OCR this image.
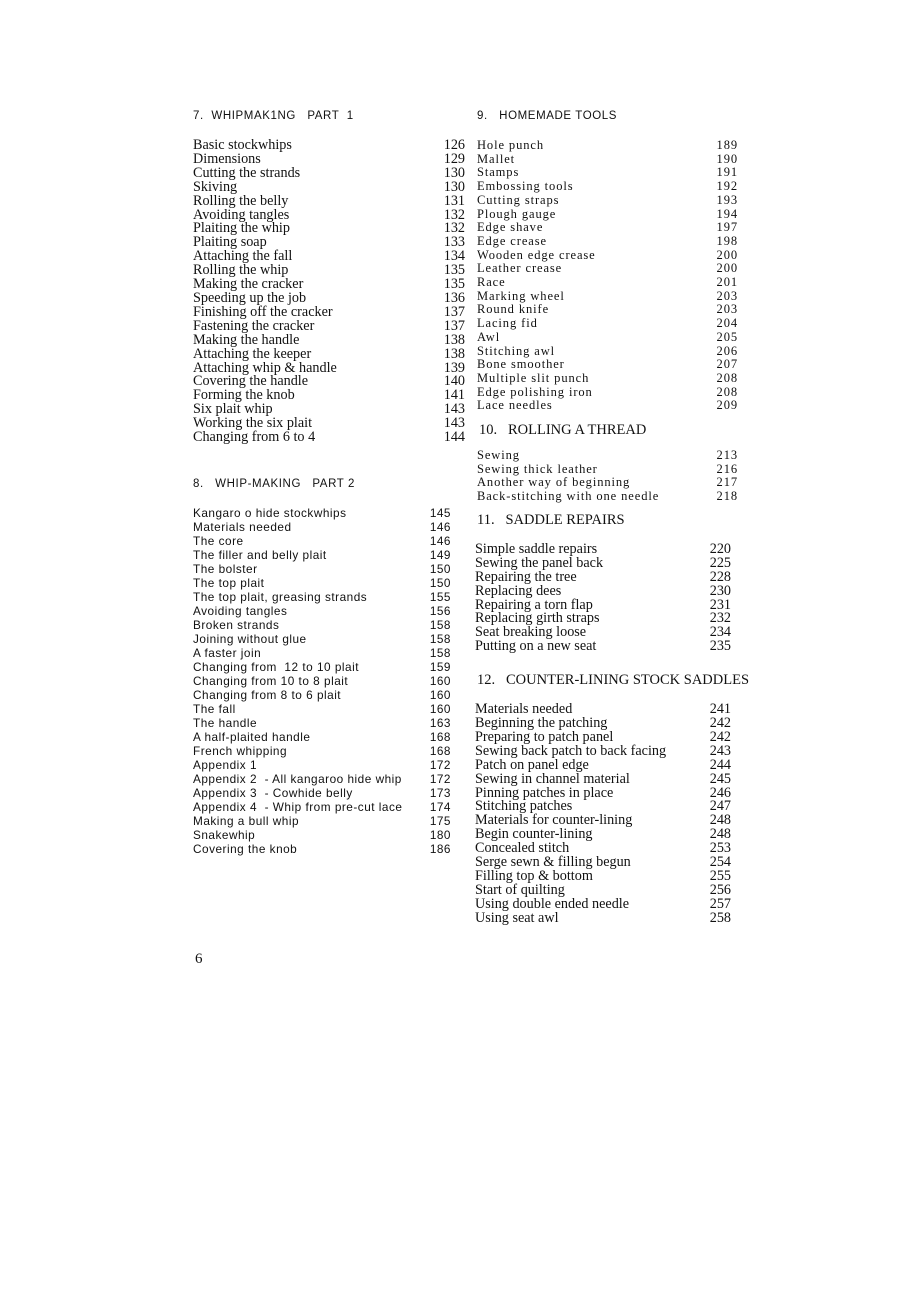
7.  WHIPMAK1NG   PART  1
Basic stockwhips	126
Dimensions	129
Cutting the strands	130
Skiving	130
Rolling the belly	131
Avoiding tangles	132
Plaiting the whip	132
Plaiting soap	133
Attaching the fall	134
Rolling the whip	135
Making the cracker	135
Speeding up the job	136
Finishing off the cracker	137
Fastening the cracker	137
Making the handle	138
Attaching the keeper	138
Attaching whip & handle	139
Covering the handle	140
Forming the knob	141
Six plait whip	143
Working the six plait	143
Changing from 6 to 4	144
8.   WHIP-MAKING   PART 2
Kangaro o hide stockwhips	145
Materials needed	146
The core	146
The filler and belly plait	149
The bolster	150
The top plait	150
The top plait, greasing strands	155
Avoiding tangles	156
Broken strands	158
Joining without glue	158
A faster join	158
Changing from  12 to 10 plait	159
Changing from 10 to 8 plait	160
Changing from 8 to 6 plait	160
The fall	160
The handle	163
A half-plaited handle	168
French whipping	168
Appendix 1	172
Appendix 2  - All kangaroo hide whip 172
Appendix 3  - Cowhide belly	173
Appendix 4  - Whip from pre-cut lace 174
Making a bull whip	175
Snakewhip	180
Covering the knob	186
9.   HOMEMADE TOOLS
Hole punch	189
Mallet	190
Stamps	191
Embossing tools	192
Cutting straps	193
Plough gauge	194
Edge shave	197
Edge crease	198
Wooden edge crease	200
Leather crease	200
Race	201
Marking wheel	203
Round knife	203
Lacing fid	204
Awl	205
Stitching awl	206
Bone smoother	207
Multiple slit punch	208
Edge polishing iron	208
Lace needles	209
10.   ROLLING A THREAD
Sewing	213
Sewing thick leather	216
Another way of beginning	217
Back-stitching with one needle	218
11.   SADDLE REPAIRS
Simple saddle repairs	220
Sewing the panel back	225
Repairing the tree	228
Replacing dees	230
Repairing a torn flap	231
Replacing girth straps	232
Seat breaking loose	234
Putting on a new seat	235
12.   COUNTER-LINING STOCK SADDLES
Materials needed	241
Beginning the patching	242
Preparing to patch panel	242
Sewing back patch to back facing	243
Patch on panel edge	244
Sewing in channel material	245
Pinning patches in place	246
Stitching patches	247
Materials for counter-lining	248
Begin counter-lining	248
Concealed stitch	253
Serge sewn & filling begun	254
Filling top & bottom	255
Start of quilting	256
Using double ended needle	257
Using seat awl	258
6
